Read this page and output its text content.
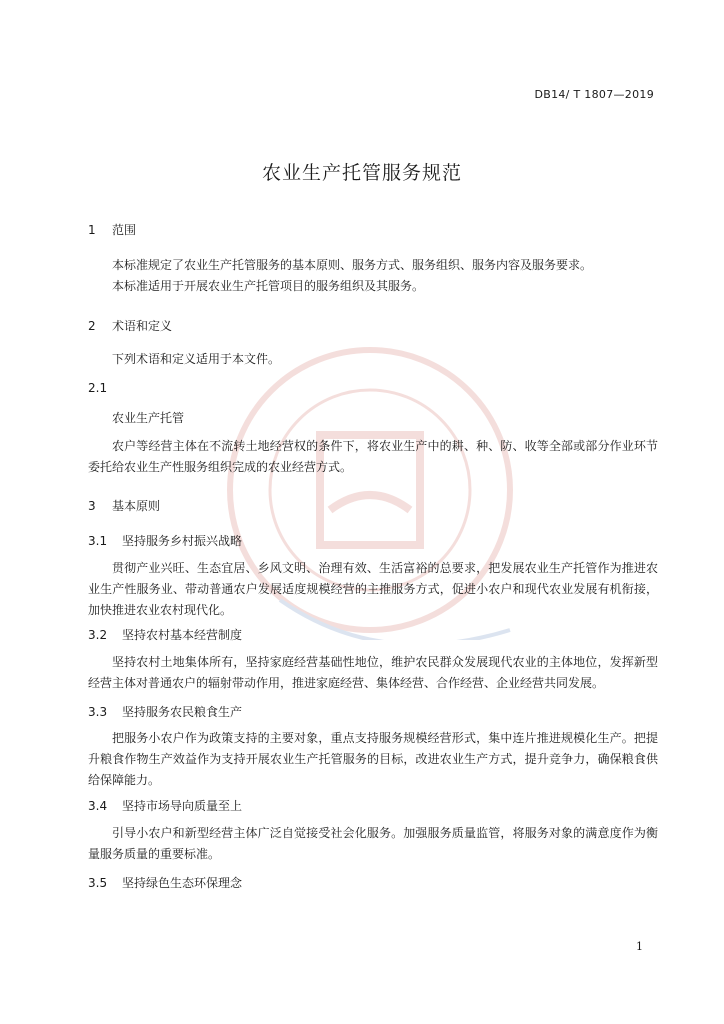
DB14/ T 1807—2019
农业生产托管服务规范
1 范围
本标准规定了农业生产托管服务的基本原则、服务方式、服务组织、服务内容及服务要求。
本标准适用于开展农业生产托管项目的服务组织及其服务。
2 术语和定义
下列术语和定义适用于本文件。
2.1
农业生产托管
农户等经营主体在不流转土地经营权的条件下，将农业生产中的耕、种、防、收等全部或部分作业环节委托给农业生产性服务组织完成的农业经营方式。
3 基本原则
3.1 坚持服务乡村振兴战略
贯彻产业兴旺、生态宜居、乡风文明、治理有效、生活富裕的总要求，把发展农业生产托管作为推进农业生产性服务业、带动普通农户发展适度规模经营的主推服务方式，促进小农户和现代农业发展有机衔接，加快推进农业农村现代化。
3.2 坚持农村基本经营制度
坚持农村土地集体所有，坚持家庭经营基础性地位，维护农民群众发展现代农业的主体地位，发挥新型经营主体对普通农户的辐射带动作用，推进家庭经营、集体经营、合作经营、企业经营共同发展。
3.3 坚持服务农民粮食生产
把服务小农户作为政策支持的主要对象，重点支持服务规模经营形式，集中连片推进规模化生产。把提升粮食作物生产效益作为支持开展农业生产托管服务的目标，改进农业生产方式，提升竞争力，确保粮食供给保障能力。
3.4 坚持市场导向质量至上
引导小农户和新型经营主体广泛自觉接受社会化服务。加强服务质量监管，将服务对象的满意度作为衡量服务质量的重要标准。
3.5 坚持绿色生态环保理念
1
